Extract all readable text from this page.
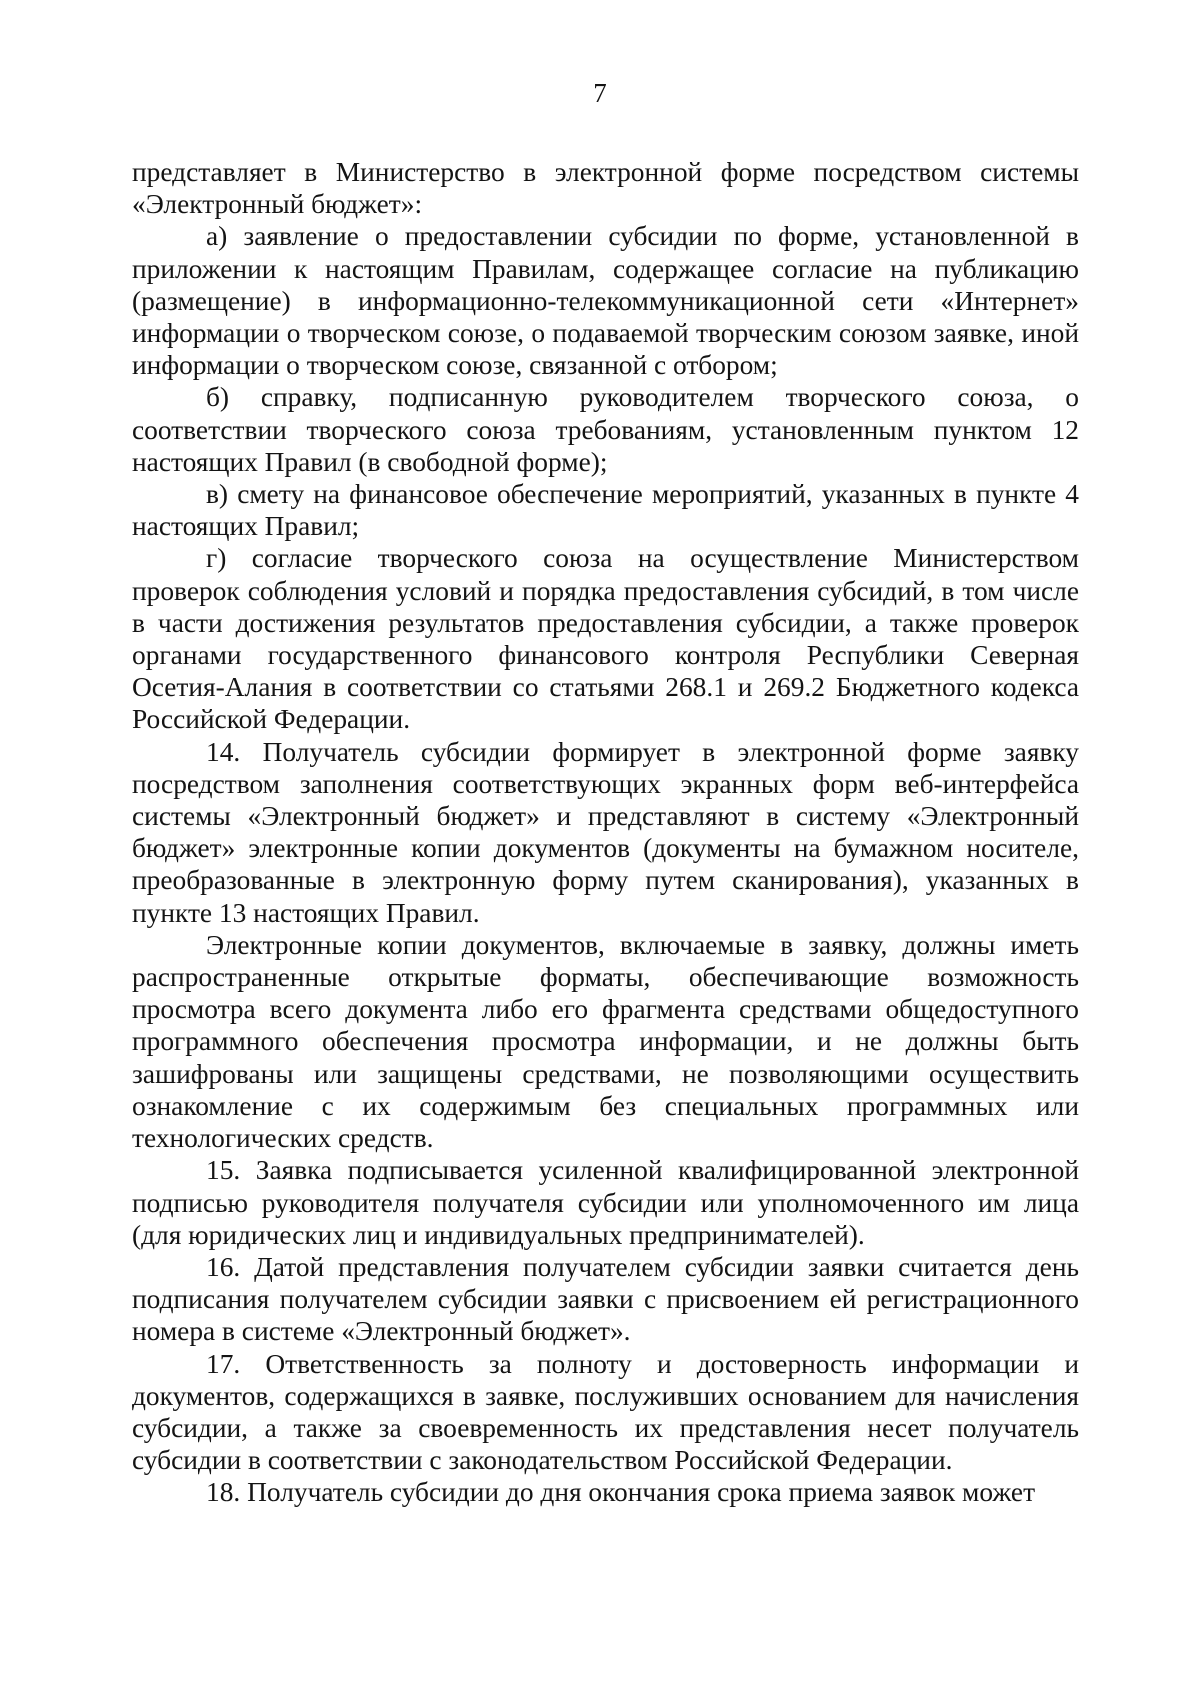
7

представляет в Министерство в электронной форме посредством системы «Электронный бюджет»:

а) заявление о предоставлении субсидии по форме, установленной в приложении к настоящим Правилам, содержащее согласие на публикацию (размещение) в информационно-телекоммуникационной сети «Интернет» информации о творческом союзе, о подаваемой творческим союзом заявке, иной информации о творческом союзе, связанной с отбором;

б) справку, подписанную руководителем творческого союза, о соответствии творческого союза требованиям, установленным пунктом 12 настоящих Правил (в свободной форме);

в) смету на финансовое обеспечение мероприятий, указанных в пункте 4 настоящих Правил;

г) согласие творческого союза на осуществление Министерством проверок соблюдения условий и порядка предоставления субсидий, в том числе в части достижения результатов предоставления субсидии, а также проверок органами государственного финансового контроля Республики Северная Осетия-Алания в соответствии со статьями 268.1 и 269.2 Бюджетного кодекса Российской Федерации.

14. Получатель субсидии формирует в электронной форме заявку посредством заполнения соответствующих экранных форм веб-интерфейса системы «Электронный бюджет» и представляют в систему «Электронный бюджет» электронные копии документов (документы на бумажном носителе, преобразованные в электронную форму путем сканирования), указанных в пункте 13 настоящих Правил.

Электронные копии документов, включаемые в заявку, должны иметь распространенные открытые форматы, обеспечивающие возможность просмотра всего документа либо его фрагмента средствами общедоступного программного обеспечения просмотра информации, и не должны быть зашифрованы или защищены средствами, не позволяющими осуществить ознакомление с их содержимым без специальных программных или технологических средств.

15. Заявка подписывается усиленной квалифицированной электронной подписью руководителя получателя субсидии или уполномоченного им лица (для юридических лиц и индивидуальных предпринимателей).

16. Датой представления получателем субсидии заявки считается день подписания получателем субсидии заявки с присвоением ей регистрационного номера в системе «Электронный бюджет».

17. Ответственность за полноту и достоверность информации и документов, содержащихся в заявке, послуживших основанием для начисления субсидии, а также за своевременность их представления несет получатель субсидии в соответствии с законодательством Российской Федерации.

18. Получатель субсидии до дня окончания срока приема заявок может
